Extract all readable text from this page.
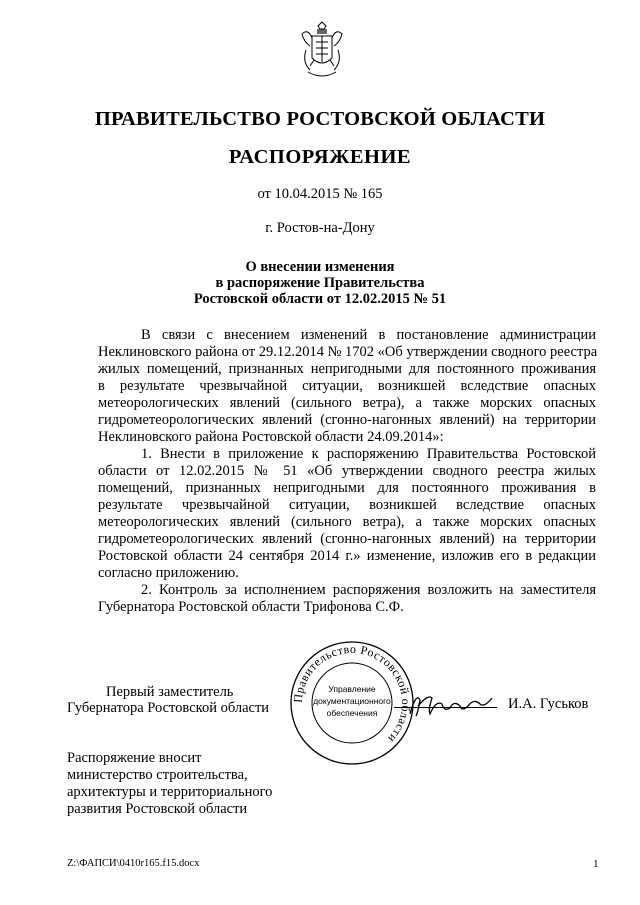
ПРАВИТЕЛЬСТВО РОСТОВСКОЙ ОБЛАСТИ
РАСПОРЯЖЕНИЕ
от 10.04.2015 № 165
г. Ростов-на-Дону
О внесении изменения
в распоряжение Правительства
Ростовской области от 12.02.2015 № 51
В связи с внесением изменений в постановление администрации
Неклиновского района от 29.12.2014 № 1702 «Об утверждении сводного реестра
жилых помещений, признанных непригодными для постоянного проживания
в результате чрезвычайной ситуации, возникшей вследствие опасных
метеорологических явлений (сильного ветра), а также морских опасных
гидрометеорологических явлений (сгонно-нагонных явлений) на территории
Неклиновского района Ростовской области 24.09.2014»:
1. Внести в приложение к распоряжению Правительства Ростовской
области от 12.02.2015 № 51 «Об утверждении сводного реестра жилых
помещений, признанных непригодными для постоянного проживания в
результате чрезвычайной ситуации, возникшей вследствие опасных
метеорологических явлений (сильного ветра), а также морских опасных
гидрометеорологических явлений (сгонно-нагонных явлений) на территории
Ростовской области 24 сентября 2014 г.» изменение, изложив его в редакции
согласно приложению.
2. Контроль за исполнением распоряжения возложить на заместителя
Губернатора Ростовской области Трифонова С.Ф.
Первый заместитель
Губернатора Ростовской области	И.А. Гуськов
Правительство Ростовской области
Управление
документационного
обеспечения
Распоряжение вносит
министерство строительства,
архитектуры и территориального
развития Ростовской области
Z:\ФАПСИ\0410r165.f15.docx	1
